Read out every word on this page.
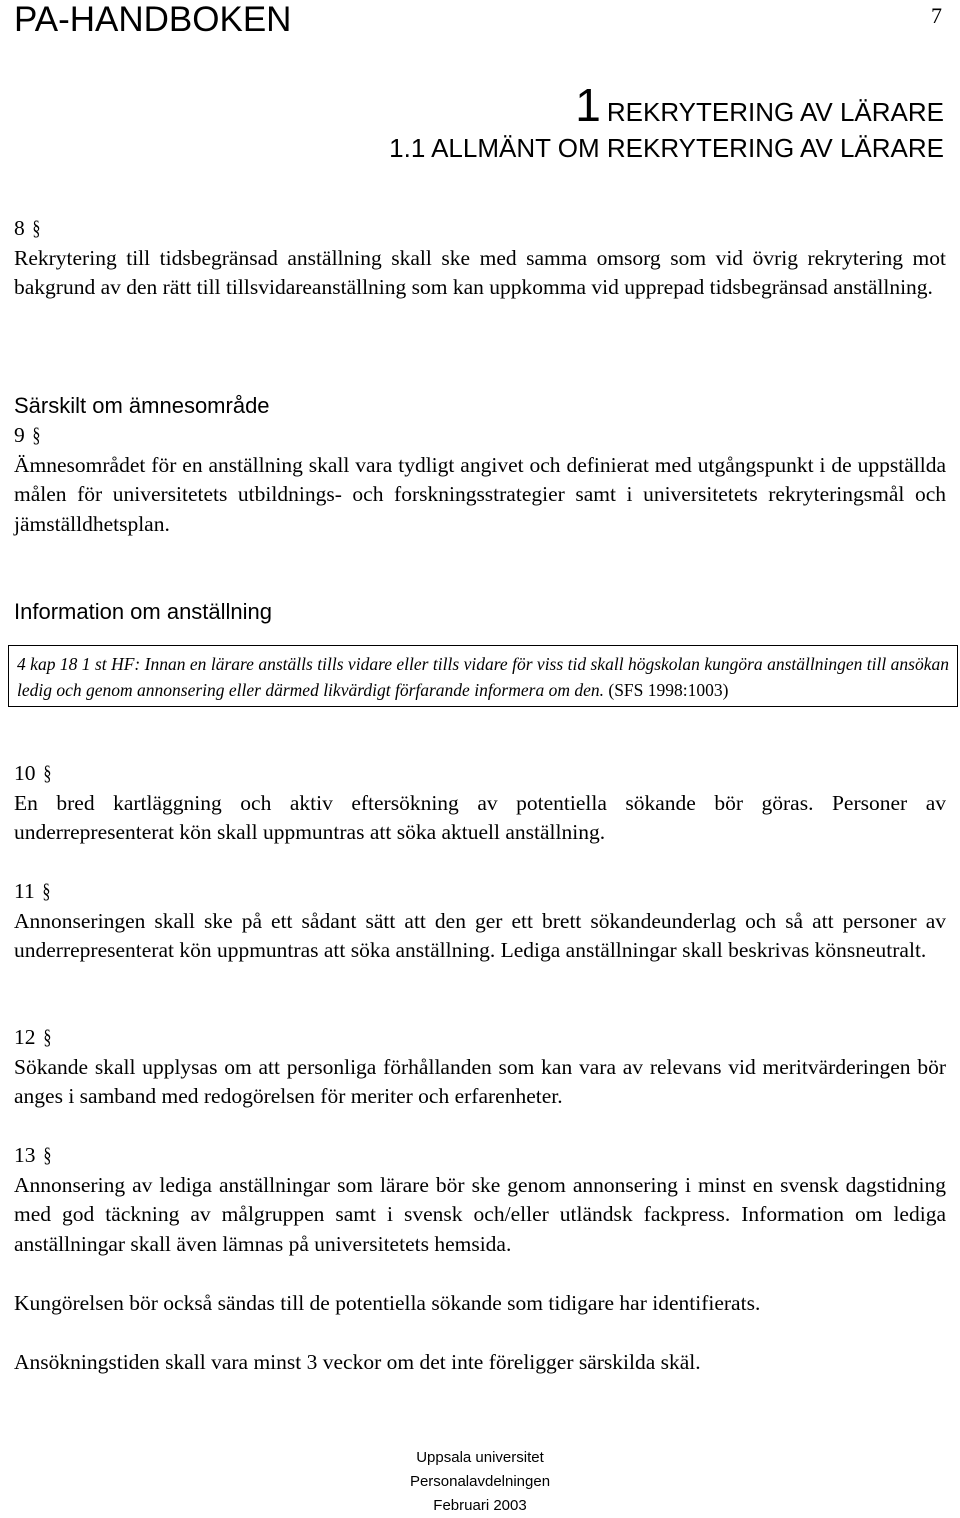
PA-HANDBOKEN	7
1 REKRYTERING AV LÄRARE
1.1 ALLMÄNT OM REKRYTERING AV LÄRARE
8 §

Rekrytering till tidsbegränsad anställning skall ske med samma omsorg som vid övrig rekrytering mot bakgrund av den rätt till tillsvidareanställning som kan uppkomma vid upprepad tidsbegränsad anställning.

Särskilt om ämnesområde
9 §

Ämnesområdet för en anställning skall vara tydligt angivet och definierat med utgångspunkt i de uppställda målen för universitetets utbildnings- och forskningsstrategier samt i universitetets rekryteringsmål och jämställdhetsplan.

Information om anställning
4 kap 18 1 st HF: Innan en lärare anställs tills vidare eller tills vidare för viss tid skall högskolan kungöra anställningen till ansökan ledig och genom annonsering eller därmed likvärdigt förfarande informera om den. (SFS 1998:1003)
10 §

En bred kartläggning och aktiv eftersökning av potentiella sökande bör göras. Personer av underrepresenterat kön skall uppmuntras att söka aktuell anställning.

11 §

Annonseringen skall ske på ett sådant sätt att den ger ett brett sökandeunderlag och så att personer av underrepresenterat kön uppmuntras att söka anställning. Lediga anställningar skall beskrivas könsneutralt.

12 §

Sökande skall upplysas om att personliga förhållanden som kan vara av relevans vid meritvärderingen bör anges i samband med redogörelsen för meriter och erfarenheter.

13 §

Annonsering av lediga anställningar som lärare bör ske genom annonsering i minst en svensk dagstidning med god täckning av målgruppen samt i svensk och/eller utländsk fackpress. Information om lediga anställningar skall även lämnas på universitetets hemsida.

Kungörelsen bör också sändas till de potentiella sökande som tidigare har identifierats.

Ansökningstiden skall vara minst 3 veckor om det inte föreligger särskilda skäl.

Uppsala universitet
Personalavdelningen
Februari 2003
